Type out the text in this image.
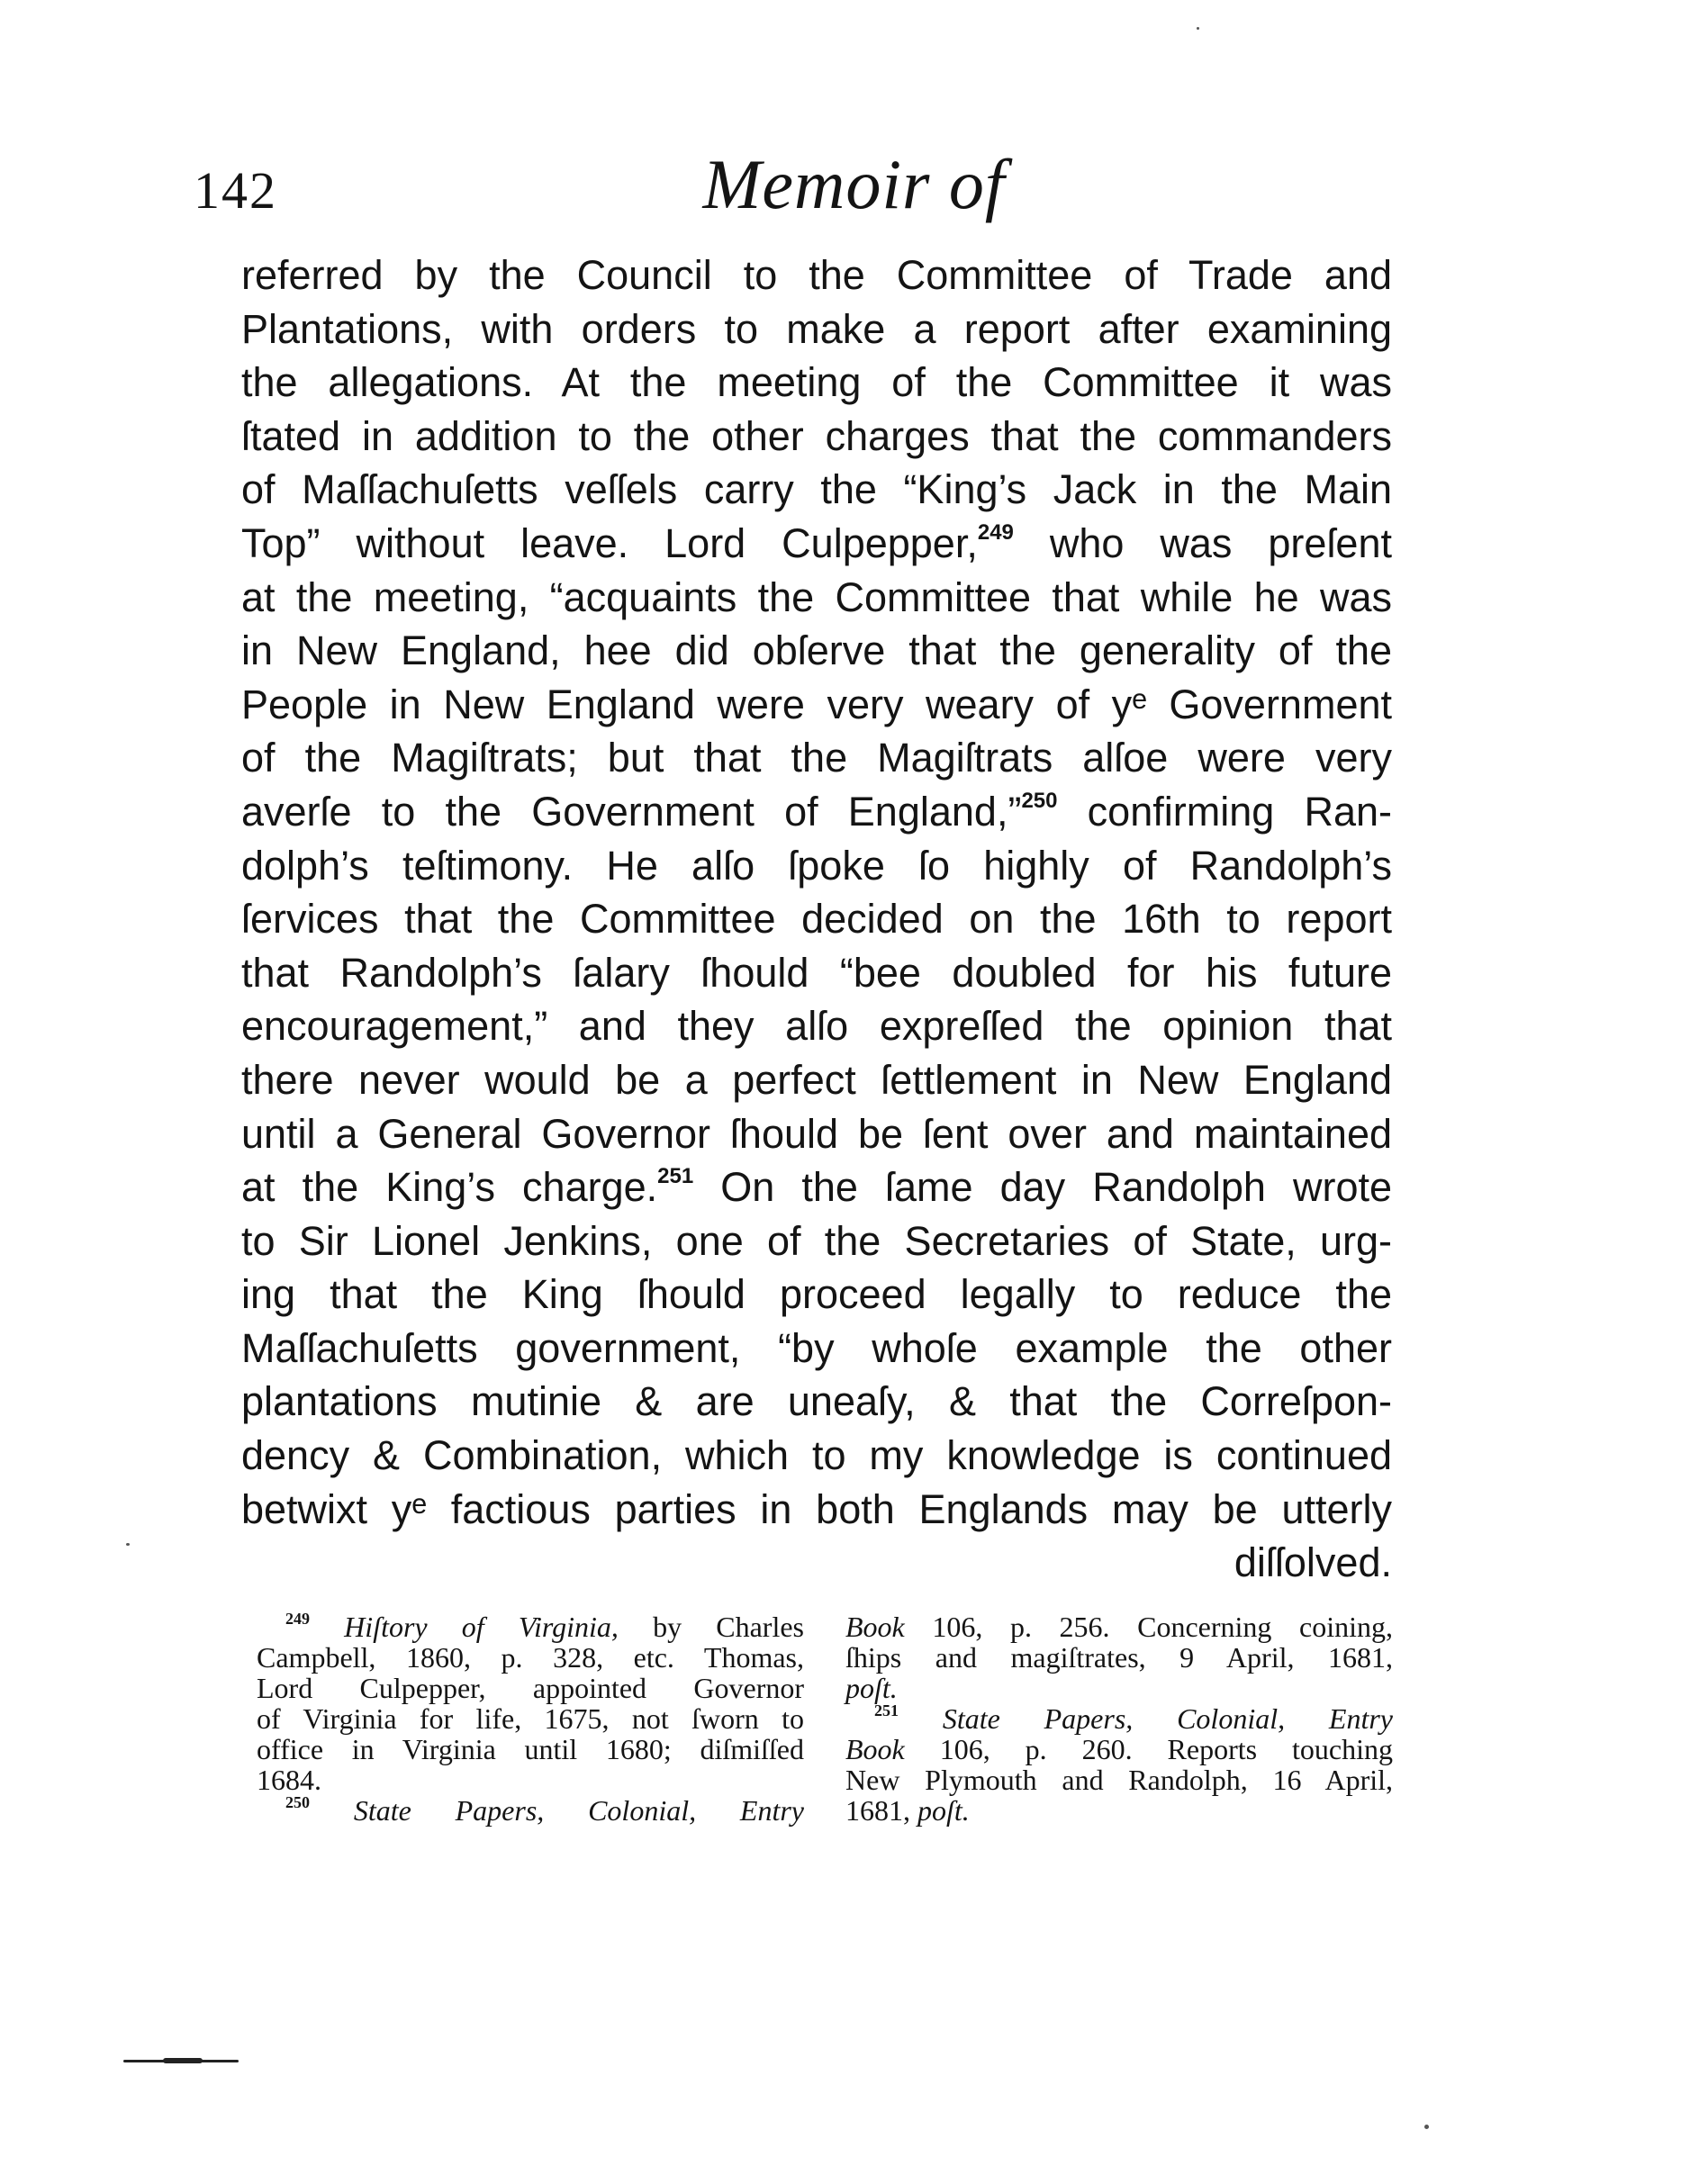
142	Memoir of
referred by the Council to the Committee of Trade and
Plantations, with orders to make a report after examining
the allegations. At the meeting of the Committee it was
ſtated in addition to the other charges that the commanders
of Maſſachuſetts veſſels carry the “King’s Jack in the Main
Top” without leave. Lord Culpepper,$^{249}$ who was preſent
at the meeting, “acquaints the Committee that while he was
in New England, hee did obſerve that the generality of the
People in New England were very weary of yᵉ Government
of the Magiſtrats; but that the Magiſtrats alſoe were very
averſe to the Government of England,”$^{250}$ confirming Ran-
dolph’s teſtimony. He alſo ſpoke ſo highly of Randolph’s
ſervices that the Committee decided on the 16th to report
that Randolph’s ſalary ſhould “bee doubled for his future
encouragement,” and they alſo expreſſed the opinion that
there never would be a perfect ſettlement in New England
until a General Governor ſhould be ſent over and maintained
at the King’s charge.$^{251}$ On the ſame day Randolph wrote
to Sir Lionel Jenkins, one of the Secretaries of State, urg-
ing that the King ſhould proceed legally to reduce the
Maſſachuſetts government, “by whoſe example the other
plantations mutinie & are uneaſy, & that the Correſpon-
dency & Combination, which to my knowledge is continued
betwixt yᵉ factious parties in both Englands may be utterly
diſſolved.
$^{249}$ Hiſtory of Virginia, by Charles
Campbell, 1860, p. 328, etc. Thomas,
Lord Culpepper, appointed Governor
of Virginia for life, 1675, not ſworn to
office in Virginia until 1680; diſmiſſed
1684.
$^{250}$ State Papers, Colonial, Entry
Book 106, p. 256. Concerning coining,
ſhips and magiſtrates, 9 April, 1681,
poſt.
$^{251}$ State Papers, Colonial, Entry
Book 106, p. 260. Reports touching
New Plymouth and Randolph, 16 April,
1681, poſt.
